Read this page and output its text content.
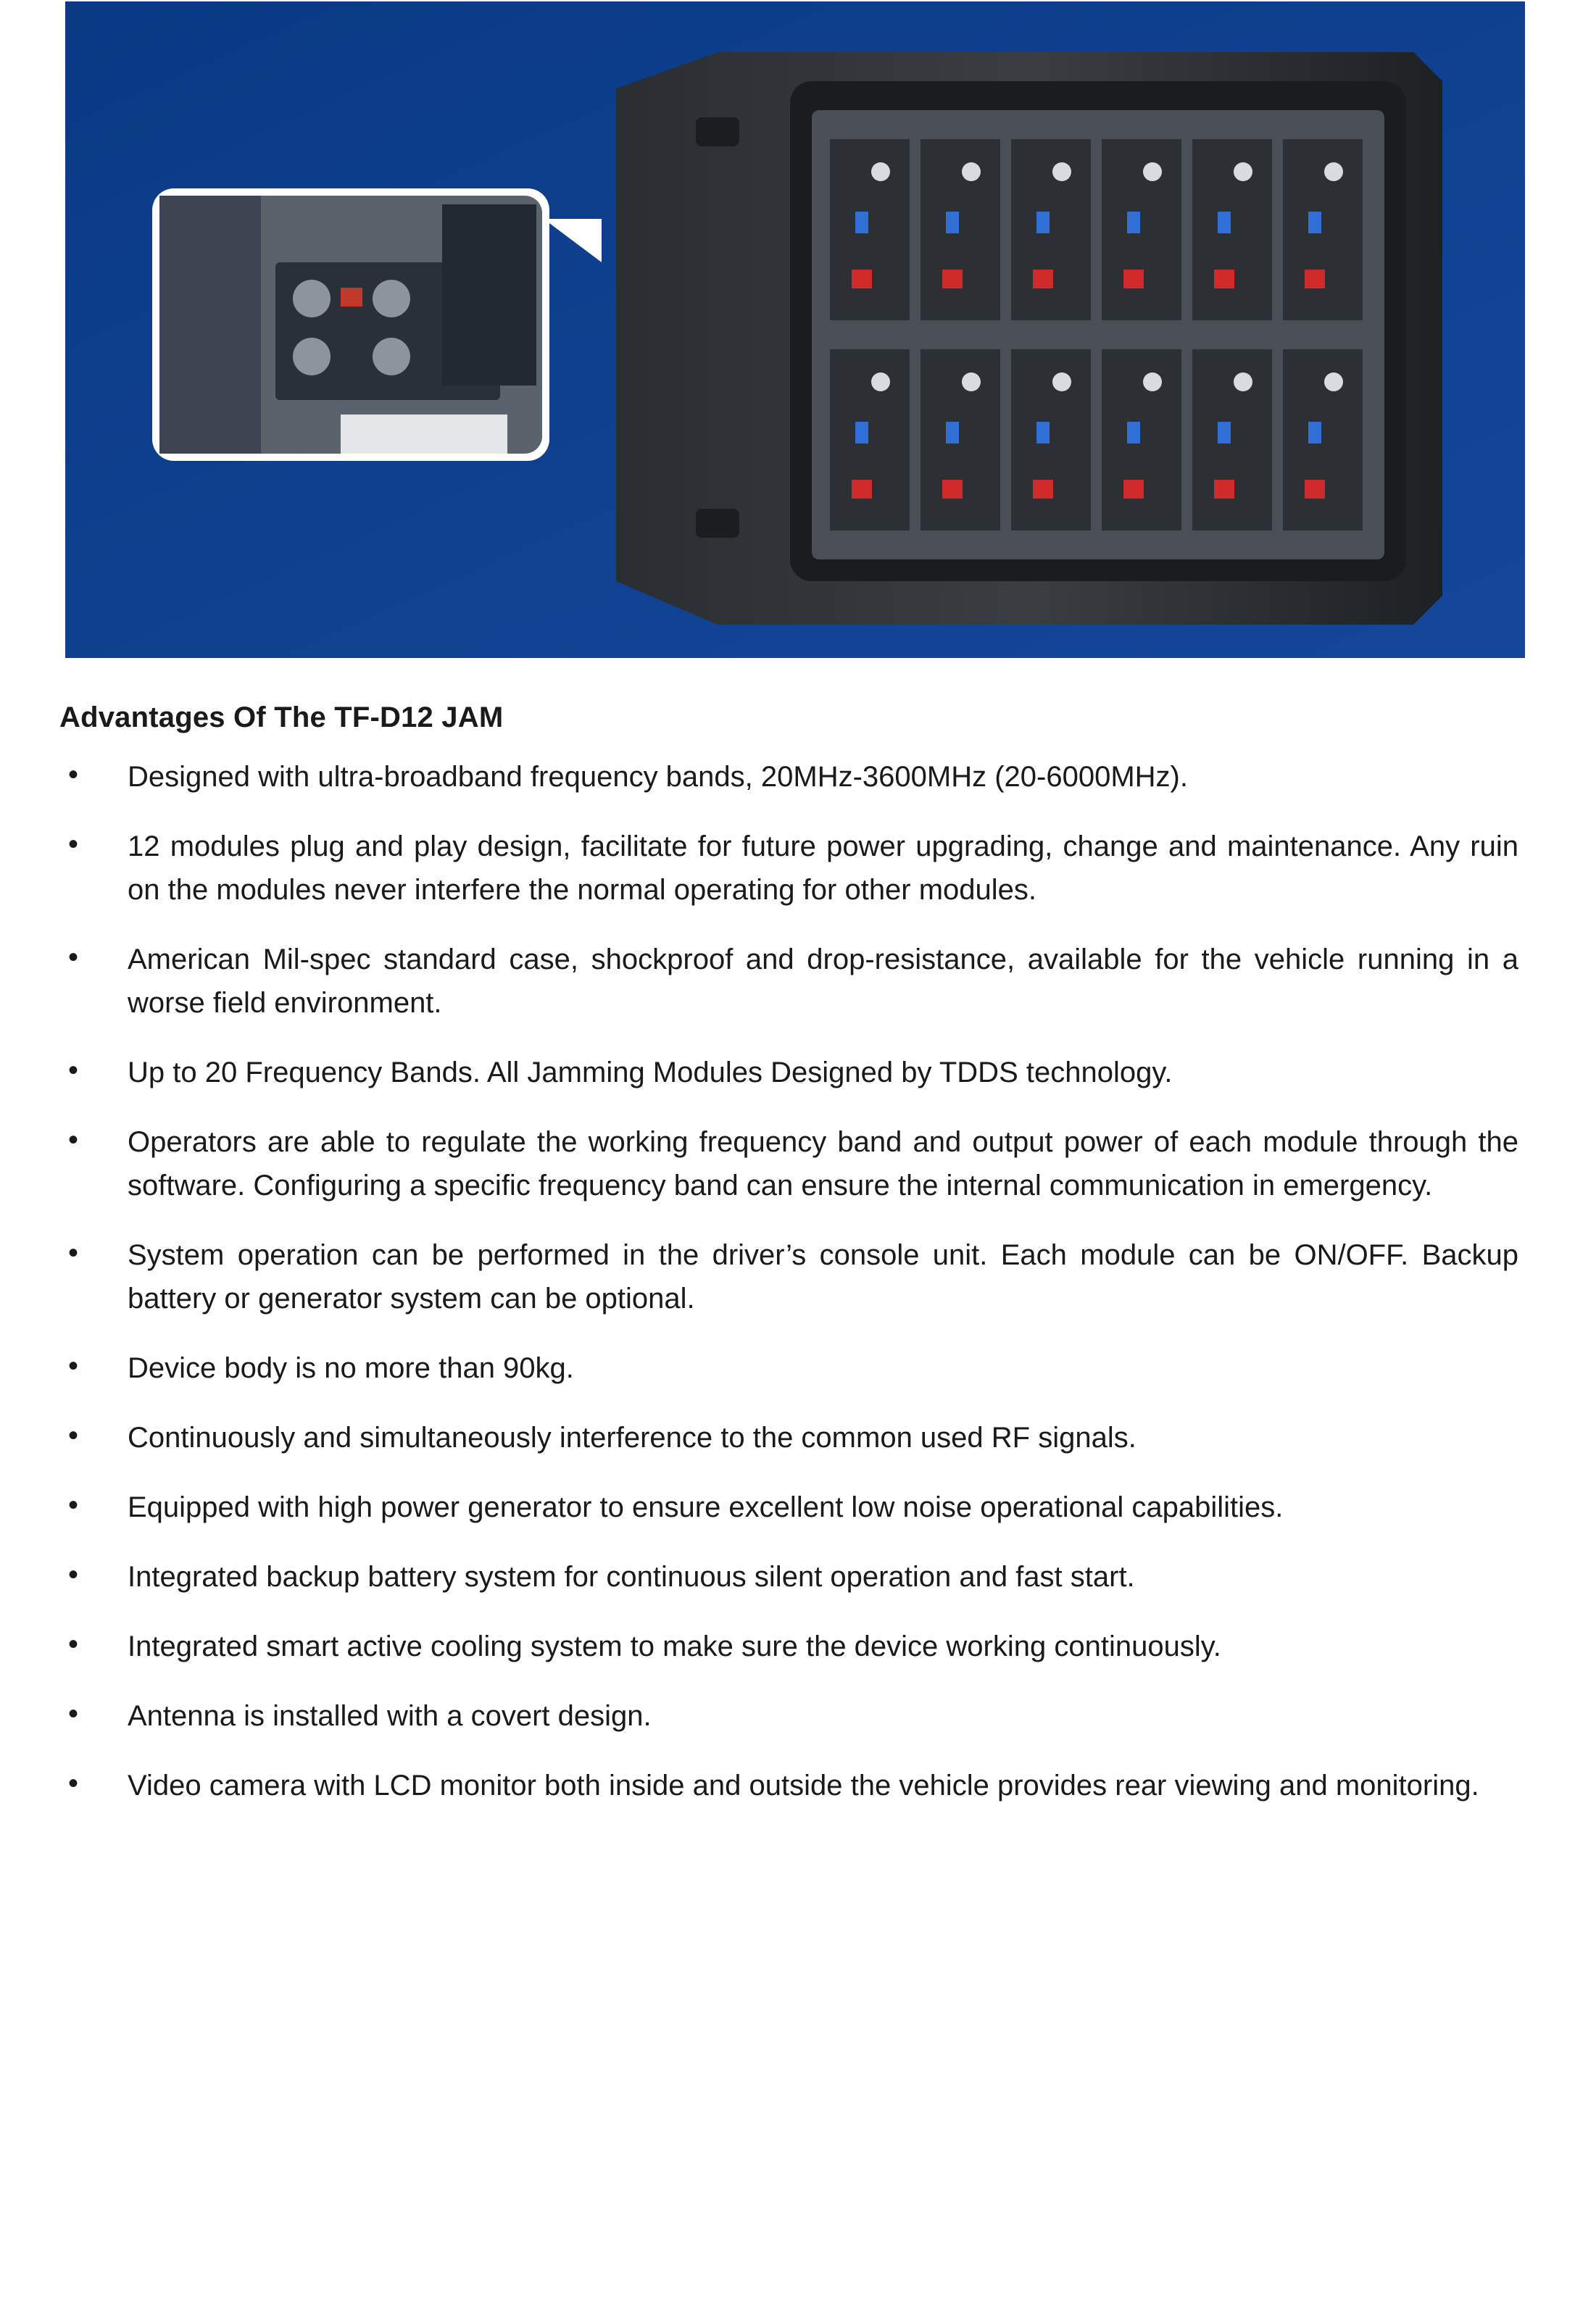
Advantages Of The TF-D12 JAM
• Designed with ultra-broadband frequency bands, 20MHz-3600MHz (20-6000MHz).
• 12 modules plug and play design, facilitate for future power upgrading, change and maintenance. Any ruin on the modules never interfere the normal operating for other modules.
• American Mil-spec standard case, shockproof and drop-resistance, available for the vehicle running in a worse field environment.
• Up to 20 Frequency Bands. All Jamming Modules Designed by TDDS technology.
• Operators are able to regulate the working frequency band and output power of each module through the software. Configuring a specific frequency band can ensure the internal communication in emergency.
• System operation can be performed in the driver’s console unit. Each module can be ON/OFF. Backup battery or generator system can be optional.
• Device body is no more than 90kg.
• Continuously and simultaneously interference to the common used RF signals.
• Equipped with high power generator to ensure excellent low noise operational capabilities.
• Integrated backup battery system for continuous silent operation and fast start.
• Integrated smart active cooling system to make sure the device working continuously.
• Antenna is installed with a covert design.
• Video camera with LCD monitor both inside and outside the vehicle provides rear viewing and monitoring.
